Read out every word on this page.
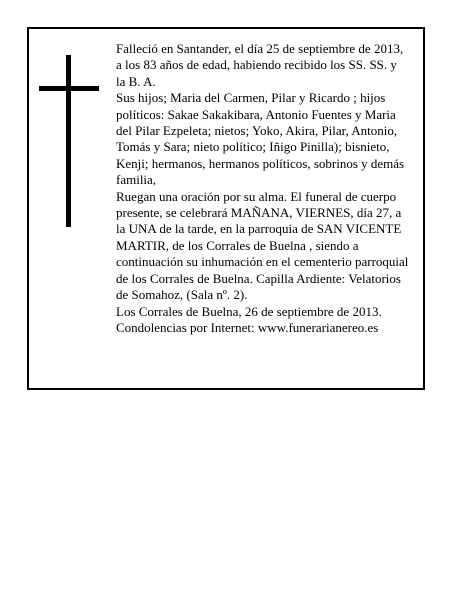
Falleció en Santander, el día 25 de septiembre de 2013,

a los 83 años de edad, habiendo recibido los SS. SS. y

la B. A.

Sus hijos; Maria del Carmen, Pilar y Ricardo ; hijos

políticos: Sakae Sakakibara, Antonio Fuentes y Maria

del Pilar Ezpeleta; nietos; Yoko, Akira, Pilar, Antonio,

Tomás y Sara; nieto político; Iñigo Pinilla); bisnieto,

Kenji; hermanos, hermanos políticos, sobrinos y demás

familia,

Ruegan una oración por su alma. El funeral de cuerpo

presente, se celebrará MAÑANA, VIERNES, día 27, a

la UNA de la tarde, en la parroquia de SAN VICENTE

MARTIR, de los Corrales de Buelna , siendo a

continuación su inhumación en el cementerio parroquial

de los Corrales de Buelna. Capilla Ardiente: Velatorios

de Somahoz, (Sala nº. 2).

Los Corrales de Buelna, 26 de septiembre de 2013.

Condolencias por Internet: www.funerarianereo.es
